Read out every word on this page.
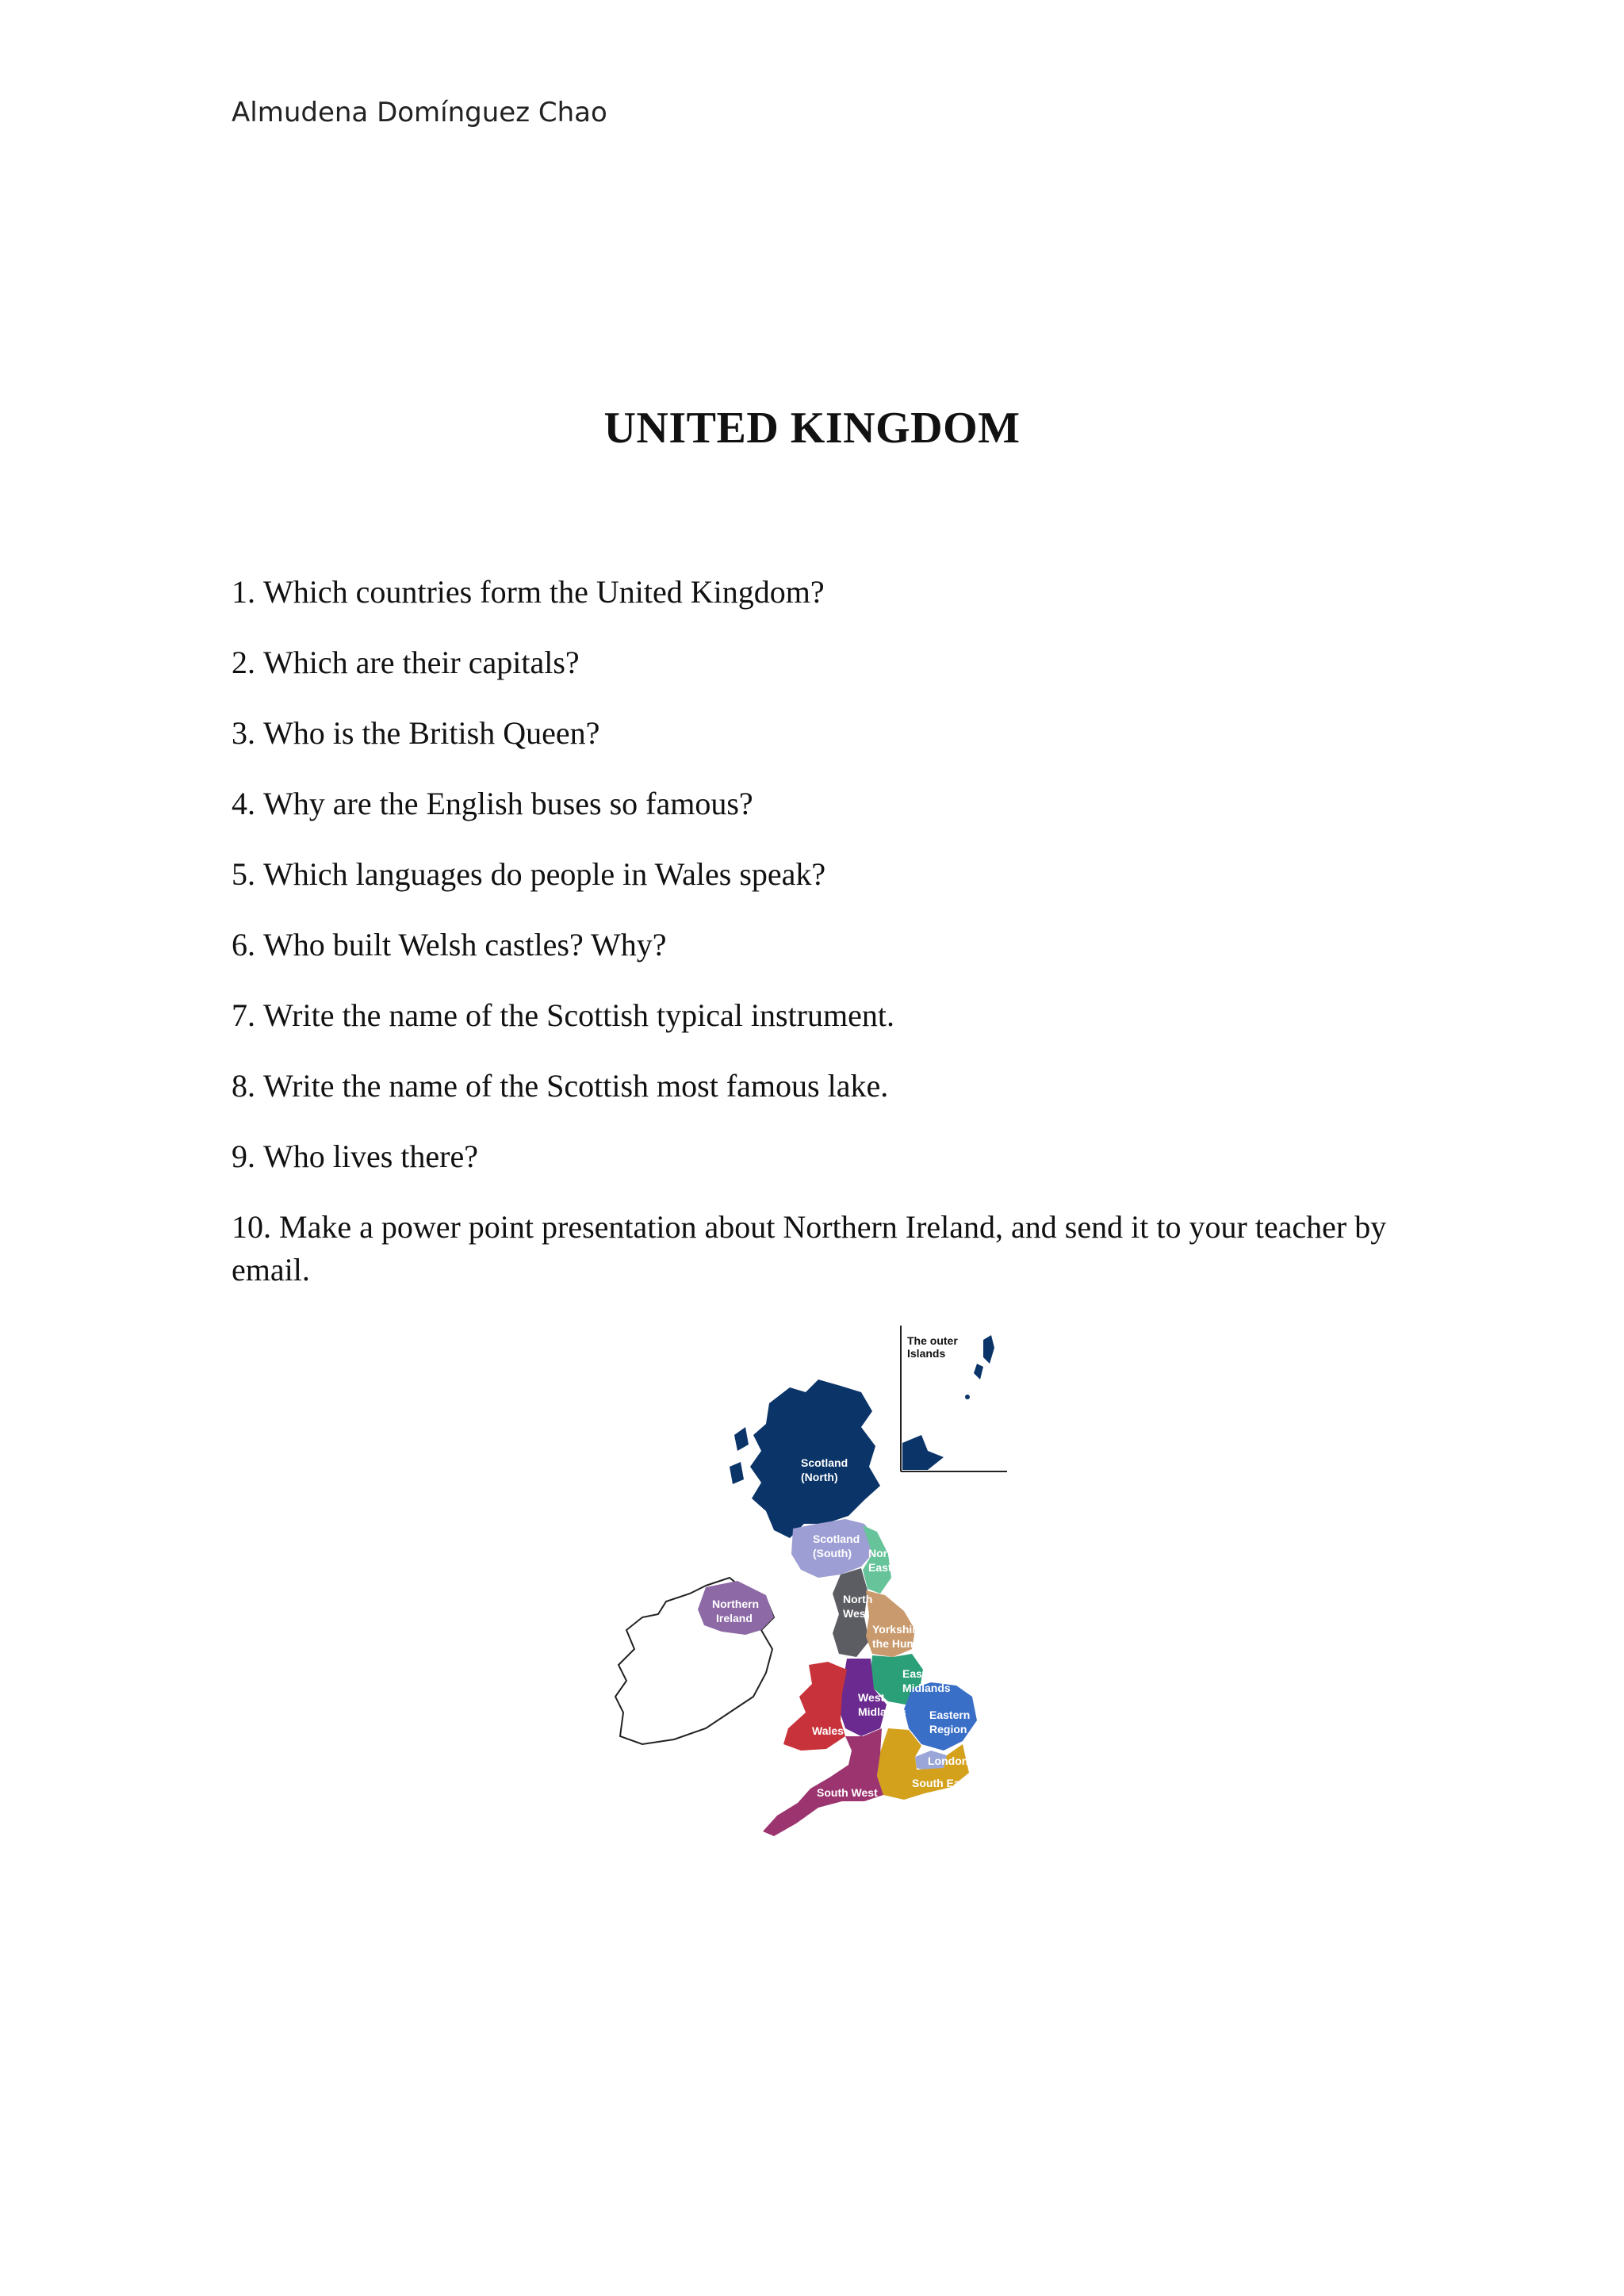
Almudena Domínguez Chao
UNITED KINGDOM

1. Which countries form the United Kingdom?

2. Which are their capitals?

3. Who is the British Queen?

4. Why are the English buses so famous?

5. Which languages do people in Wales speak?

6. Who built Welsh castles? Why?

7. Write the name of the Scottish typical instrument.

8. Write the name of the Scottish most famous lake.

9. Who lives there?

10. Make a power point presentation about Northern Ireland, and send it to your teacher by email.

The outer
Islands
Scotland
(North)
Scotland
(South) North
East
North
West
Northern
Ireland
Yorkshire &
the Humber
East
Midlands
West
Midlands
Wales
Eastern
Region
London
South East
South West
